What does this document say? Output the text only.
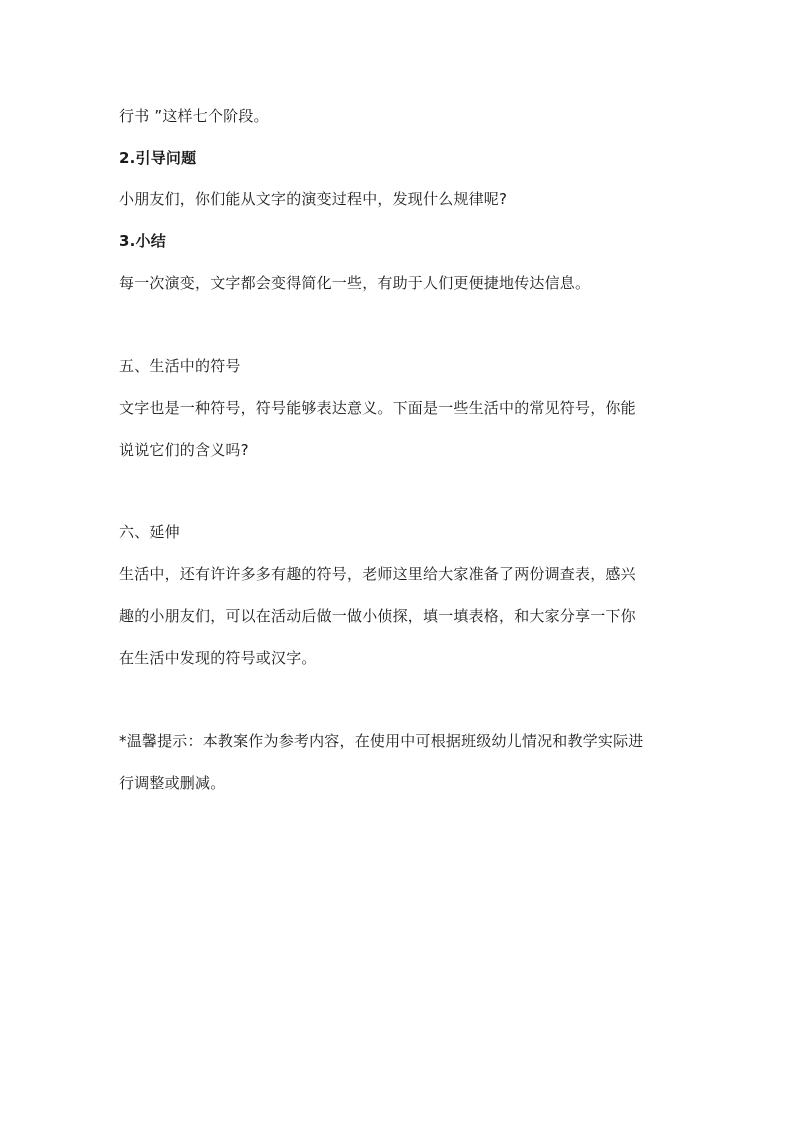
行书 ”这样七个阶段。
2.引导问题
小朋友们，你们能从文字的演变过程中，发现什么规律呢?
3.小结
每一次演变，文字都会变得简化一些，有助于人们更便捷地传达信息。
五、生活中的符号
文字也是一种符号，符号能够表达意义。下面是一些生活中的常见符号，你能
说说它们的含义吗?
六、延伸
生活中，还有许许多多有趣的符号，老师这里给大家准备了两份调查表，感兴
趣的小朋友们，可以在活动后做一做小侦探，填一填表格，和大家分享一下你
在生活中发现的符号或汉字。
*温馨提示：本教案作为参考内容，在使用中可根据班级幼儿情况和教学实际进
行调整或删减。
